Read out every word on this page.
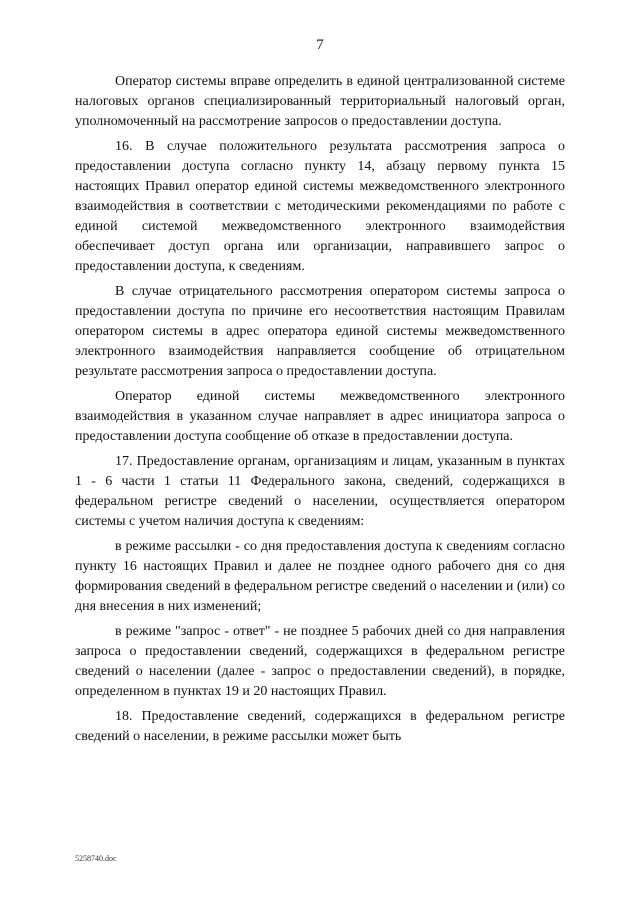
7

Оператор системы вправе определить в единой централизованной системе налоговых органов специализированный территориальный налоговый орган, уполномоченный на рассмотрение запросов о предоставлении доступа.

16. В случае положительного результата рассмотрения запроса о предоставлении доступа согласно пункту 14, абзацу первому пункта 15 настоящих Правил оператор единой системы межведомственного электронного взаимодействия в соответствии с методическими рекомендациями по работе с единой системой межведомственного электронного взаимодействия обеспечивает доступ органа или организации, направившего запрос о предоставлении доступа, к сведениям.

В случае отрицательного рассмотрения оператором системы запроса о предоставлении доступа по причине его несоответствия настоящим Правилам оператором системы в адрес оператора единой системы межведомственного электронного взаимодействия направляется сообщение об отрицательном результате рассмотрения запроса о предоставлении доступа.

Оператор единой системы межведомственного электронного взаимодействия в указанном случае направляет в адрес инициатора запроса о предоставлении доступа сообщение об отказе в предоставлении доступа.

17. Предоставление органам, организациям и лицам, указанным в пунктах 1 - 6 части 1 статьи 11 Федерального закона, сведений, содержащихся в федеральном регистре сведений о населении, осуществляется оператором системы с учетом наличия доступа к сведениям:

в режиме рассылки - со дня предоставления доступа к сведениям согласно пункту 16 настоящих Правил и далее не позднее одного рабочего дня со дня формирования сведений в федеральном регистре сведений о населении и (или) со дня внесения в них изменений;

в режиме "запрос - ответ" - не позднее 5 рабочих дней со дня направления запроса о предоставлении сведений, содержащихся в федеральном регистре сведений о населении (далее - запрос о предоставлении сведений), в порядке, определенном в пунктах 19 и 20 настоящих Правил.

18. Предоставление сведений, содержащихся в федеральном регистре сведений о населении, в режиме рассылки может быть

5258740.doc
